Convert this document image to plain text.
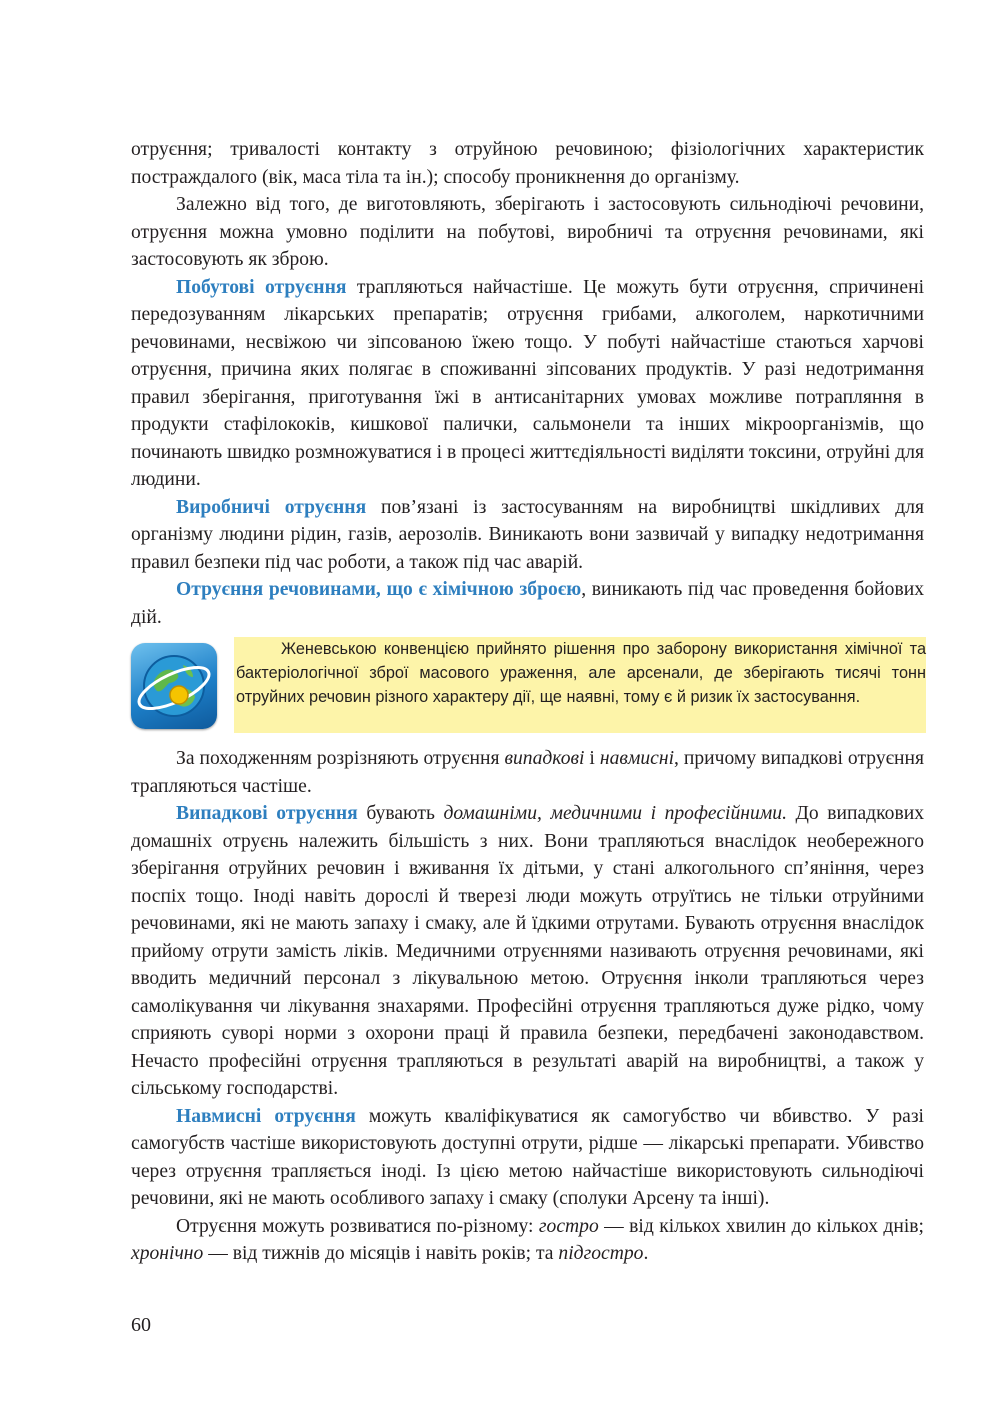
отруєння; тривалості контакту з отруйною речовиною; фізіологічних характеристик постраждалого (вік, маса тіла та ін.); способу проникнення до організму.

Залежно від того, де виготовляють, зберігають і застосовують сильнодіючі речовини, отруєння можна умовно поділити на побутові, виробничі та отруєння речовинами, які застосовують як зброю.

Побутові отруєння трапляються найчастіше. Це можуть бути отруєння, спричинені передозуванням лікарських препаратів; отруєння грибами, алкоголем, наркотичними речовинами, несвіжою чи зіпсованою їжею тощо. У побуті найчастіше стаються харчові отруєння, причина яких полягає в споживанні зіпсованих продуктів. У разі недотримання правил зберігання, приготування їжі в антисанітарних умовах можливе потрапляння в продукти стафілококів, кишкової палички, сальмонели та інших мікроорганізмів, що починають швидко розмножуватися і в процесі життєдіяльності виділяти токсини, отруйні для людини.

Виробничі отруєння пов’язані із застосуванням на виробництві шкідливих для організму людини рідин, газів, аерозолів. Виникають вони зазвичай у випадку недотримання правил безпеки під час роботи, а також під час аварій.

Отруєння речовинами, що є хімічною зброєю, виникають під час проведення бойових дій.

Женевською конвенцією прийнято рішення про заборону використання хімічної та бактеріологічної зброї масового ураження, але арсенали, де зберігають тисячі тонн отруйних речовин різного характеру дії, ще наявні, тому є й ризик їх застосування.

За походженням розрізняють отруєння випадкові і навмисні, причому випадкові отруєння трапляються частіше.

Випадкові отруєння бувають домашніми, медичними і професійними. До випадкових домашніх отруєнь належить більшість з них. Вони трапляються внаслідок необережного зберігання отруйних речовин і вживання їх дітьми, у стані алкогольного сп’яніння, через поспіх тощо. Іноді навіть дорослі й тверезі люди можуть отруїтись не тільки отруйними речовинами, які не мають запаху і смаку, але й їдкими отрутами. Бувають отруєння внаслідок прийому отрути замість ліків. Медичними отруєннями називають отруєння речовинами, які вводить медичний персонал з лікувальною метою. Отруєння інколи трапляються через самолікування чи лікування знахарями. Професійні отруєння трапляються дуже рідко, чому сприяють суворі норми з охорони праці й правила безпеки, передбачені законодавством. Нечасто професійні отруєння трапляються в результаті аварій на виробництві, а також у сільському господарстві.

Навмисні отруєння можуть кваліфікуватися як самогубство чи вбивство. У разі самогубств частіше використовують доступні отрути, рідше — лікарські препарати. Убивство через отруєння трапляється іноді. Із цією метою найчастіше використовують сильнодіючі речовини, які не мають особливого запаху і смаку (сполуки Арсену та інші).

Отруєння можуть розвиватися по-різному: гостро — від кількох хвилин до кількох днів; хронічно — від тижнів до місяців і навіть років; та підгостро.

60
